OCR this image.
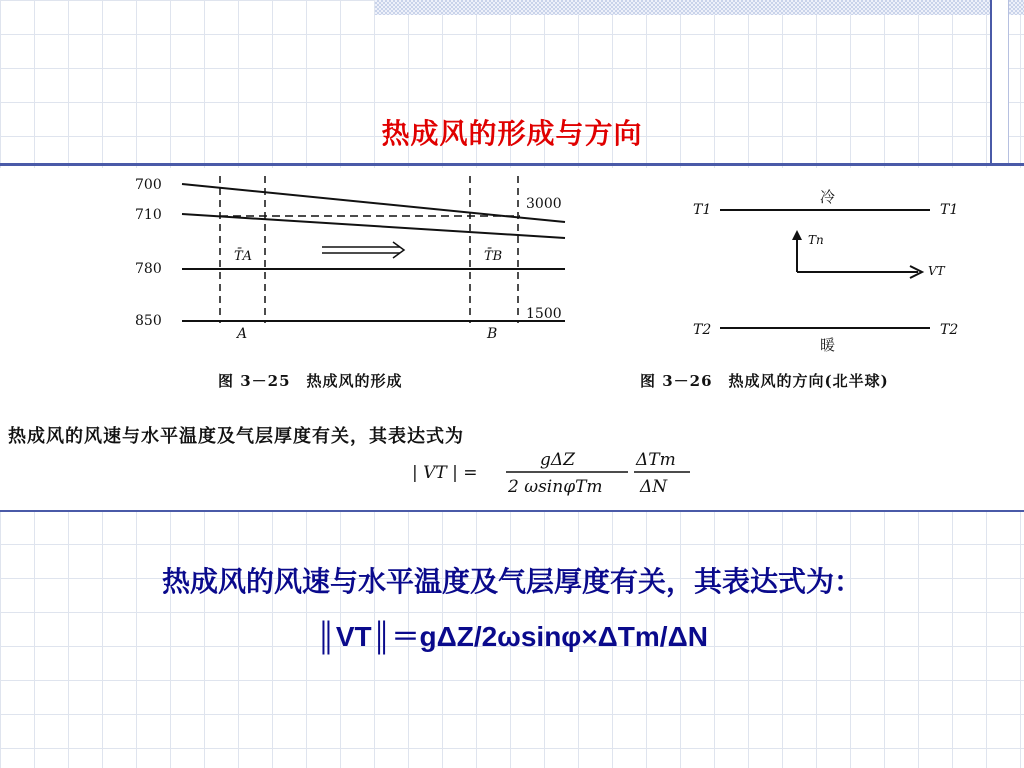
热成风的形成与方向
700
710
780
850
3000
1500
A	B
T̄A	T̄B
T1	T1
T2	T2
冷
暖
Tn
VT
| VT | =
gΔZ
2 ωsinφTm
ΔTm
ΔN
图 3－25　热成风的形成	图 3－26　热成风的方向(北半球)
热成风的风速与水平温度及气层厚度有关，其表达式为
热成风的风速与水平温度及气层厚度有关，其表达式为：
║VT║＝gΔZ/2ωsinφ×ΔTm/ΔN
